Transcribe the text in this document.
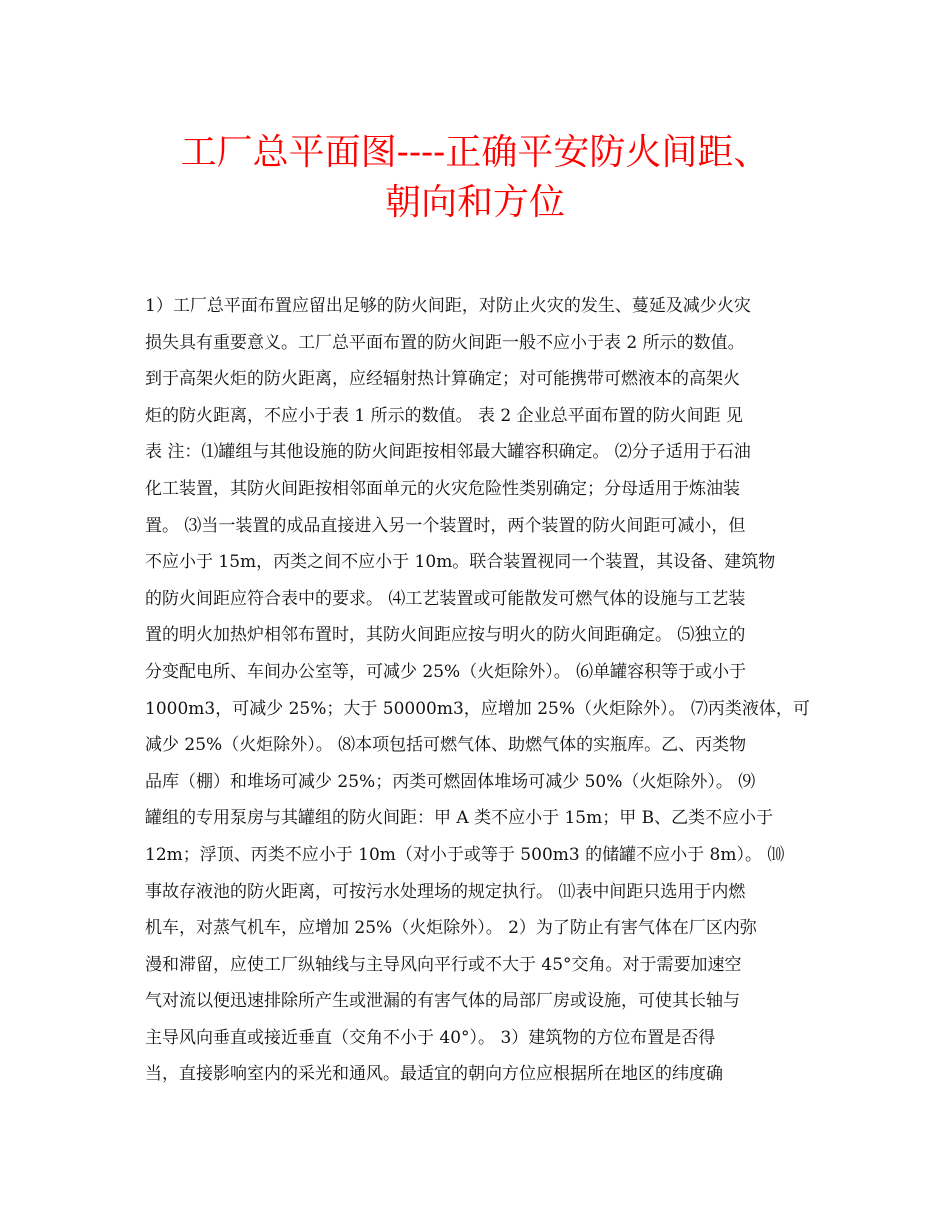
工厂总平面图----正确平安防火间距、
朝向和方位
1）工厂总平面布置应留出足够的防火间距，对防止火灾的发生、蔓延及减少火灾
损失具有重要意义。工厂总平面布置的防火间距一般不应小于表 2 所示的数值。
到于高架火炬的防火距离，应经辐射热计算确定；对可能携带可燃液本的高架火
炬的防火距离，不应小于表 1 所示的数值。 表 2 企业总平面布置的防火间距 见
表 注：⑴罐组与其他设施的防火间距按相邻最大罐容积确定。 ⑵分子适用于石油
化工装置，其防火间距按相邻面单元的火灾危险性类别确定；分母适用于炼油装
置。 ⑶当一装置的成品直接进入另一个装置时，两个装置的防火间距可减小，但
不应小于 15m，丙类之间不应小于 10m。联合装置视同一个装置，其设备、建筑物
的防火间距应符合表中的要求。 ⑷工艺装置或可能散发可燃气体的设施与工艺装
置的明火加热炉相邻布置时，其防火间距应按与明火的防火间距确定。 ⑸独立的
分变配电所、车间办公室等，可减少 25%（火炬除外）。 ⑹单罐容积等于或小于
1000m3，可减少 25%；大于 50000m3，应增加 25%（火炬除外）。 ⑺丙类液体，可
减少 25%（火炬除外）。 ⑻本项包括可燃气体、助燃气体的实瓶库。乙、丙类物
品库（棚）和堆场可减少 25%；丙类可燃固体堆场可减少 50%（火炬除外）。 ⑼
罐组的专用泵房与其罐组的防火间距：甲 A 类不应小于 15m；甲 B、乙类不应小于
12m；浮顶、丙类不应小于 10m（对小于或等于 500m3 的储罐不应小于 8m）。 ⑽
事故存液池的防火距离，可按污水处理场的规定执行。 ⑾表中间距只选用于内燃
机车，对蒸气机车，应增加 25%（火炬除外）。 2）为了防止有害气体在厂区内弥
漫和滞留，应使工厂纵轴线与主导风向平行或不大于 45°交角。对于需要加速空
气对流以便迅速排除所产生或泄漏的有害气体的局部厂房或设施，可使其长轴与
主导风向垂直或接近垂直（交角不小于 40°）。 3）建筑物的方位布置是否得
当，直接影响室内的采光和通风。最适宜的朝向方位应根据所在地区的纬度确
